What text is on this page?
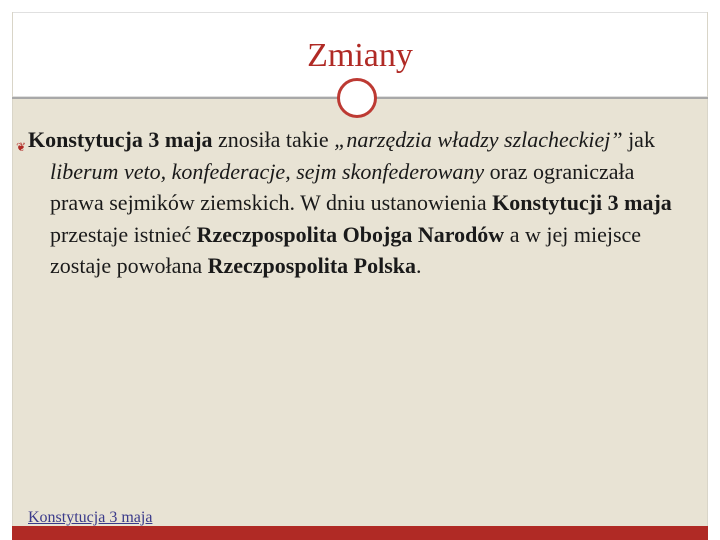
Zmiany
❦ Konstytucja 3 maja znosiła takie „narzędzia władzy szlacheckiej” jak liberum veto, konfederacje, sejm skonfederowany oraz ograniczała prawa sejmików ziemskich. W dniu ustanowienia Konstytucji 3 maja przestaje istnieć Rzeczpospolita Obojga Narodów a w jej miejsce zostaje powołana Rzeczpospolita Polska.

Konstytucja 3 maja
